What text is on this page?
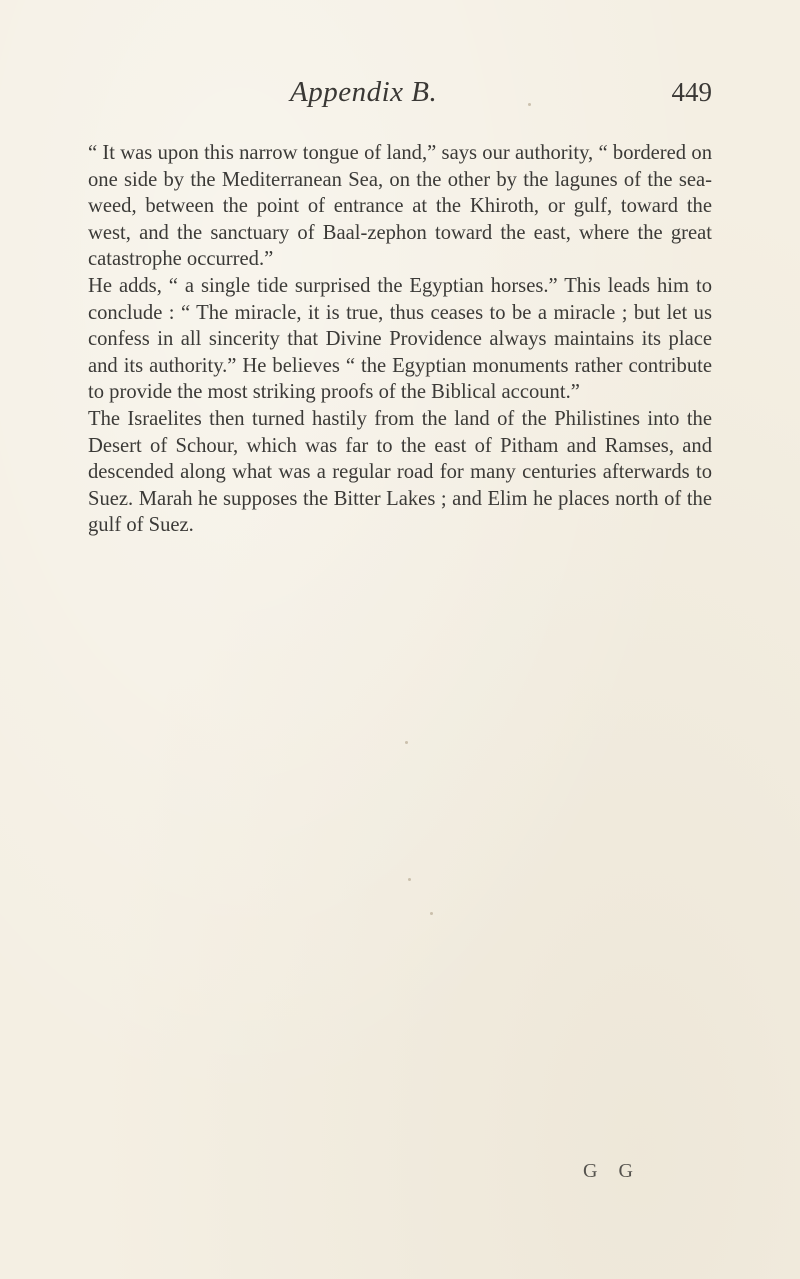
Appendix B.	449

“ It was upon this narrow tongue of land,” says our authority, “ bordered on one side by the Mediterranean Sea, on the other by the lagunes of the sea-weed, between the point of entrance at the Khiroth, or gulf, toward the west, and the sanctuary of Baal-zephon toward the east, where the great catastrophe occurred.”

He adds, “ a single tide surprised the Egyptian horses.” This leads him to conclude : “ The miracle, it is true, thus ceases to be a miracle ; but let us confess in all sincerity that Divine Providence always maintains its place and its authority.” He believes “ the Egyptian monuments rather contribute to provide the most striking proofs of the Biblical account.”

The Israelites then turned hastily from the land of the Philistines into the Desert of Schour, which was far to the east of Pitham and Ramses, and descended along what was a regular road for many centuries afterwards to Suez. Marah he supposes the Bitter Lakes ; and Elim he places north of the gulf of Suez.

G G
